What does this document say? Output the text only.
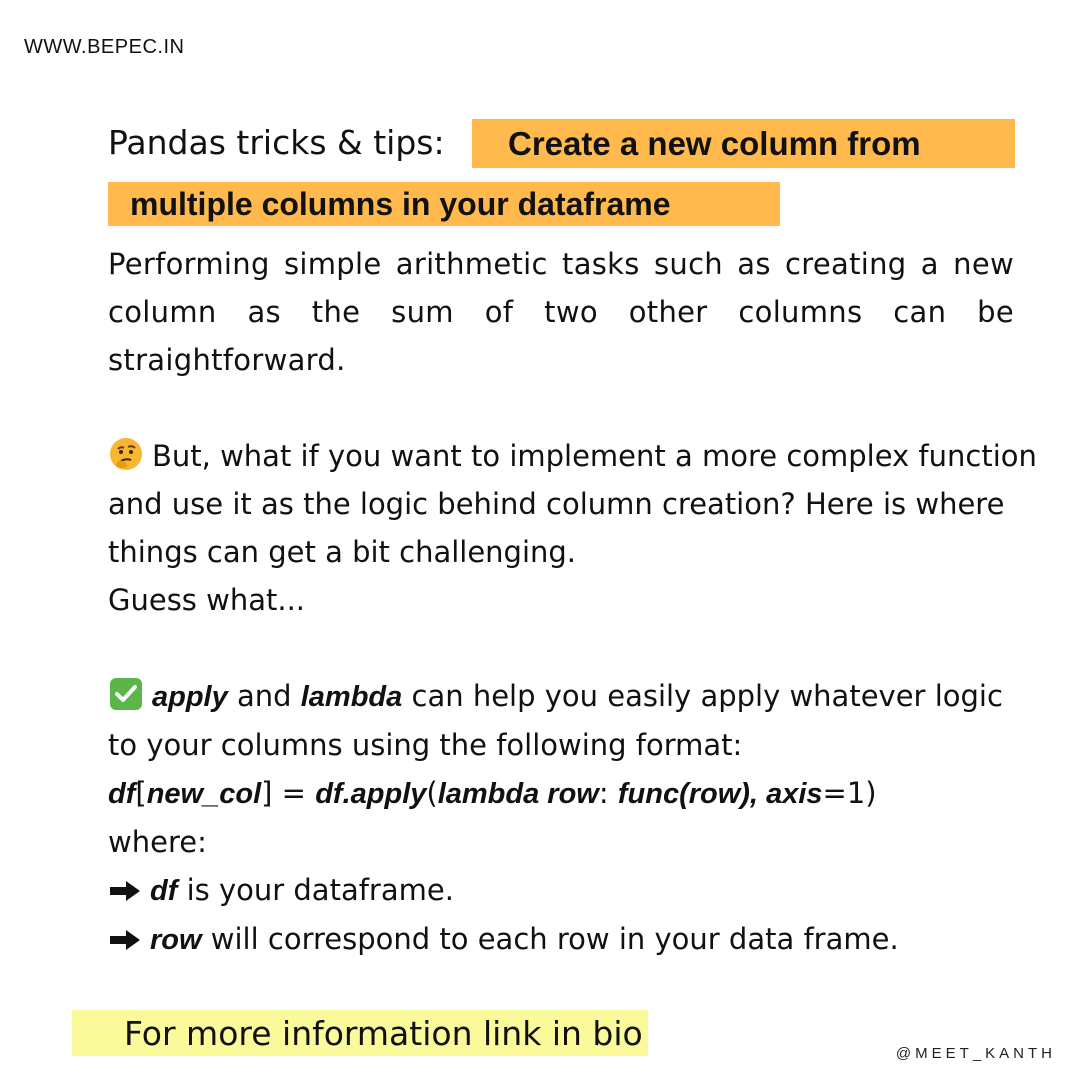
WWW.BEPEC.IN
Pandas tricks & tips:	Create a new column from
multiple columns in your dataframe
Performing simple arithmetic tasks such as creating a new column as the sum of two other columns can be straightforward.
But, what if you want to implement a more complex function
and use it as the logic behind column creation? Here is where
things can get a bit challenging.
Guess what...
apply and lambda can help you easily apply whatever logic
to your columns using the following format:
df[new_col] = df.apply(lambda row: func(row), axis=1)
where:
df is your dataframe.
row will correspond to each row in your data frame.
For more information link in bio
@MEET_KANTH
